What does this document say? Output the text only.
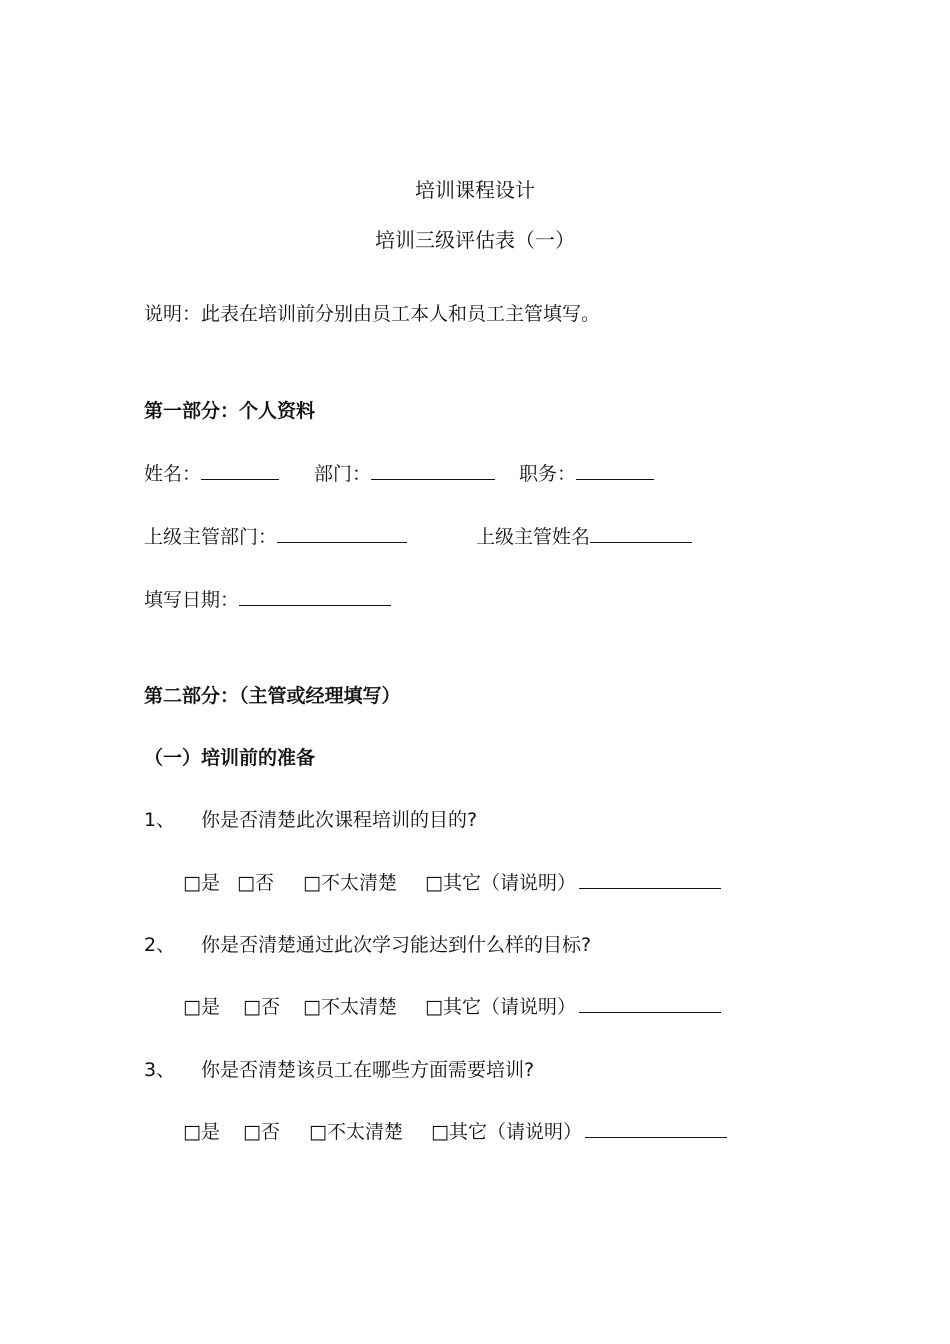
培训课程设计
培训三级评估表（一）
说明：此表在培训前分别由员工本人和员工主管填写。
第一部分：个人资料
姓名：	部门：	职务：
上级主管部门：	上级主管姓名
填写日期：
第二部分：（主管或经理填写）
（一）培训前的准备
1、 你是否清楚此次课程培训的目的?
□是 □否 □不太清楚 □其它（请说明）
2、 你是否清楚通过此次学习能达到什么样的目标?
□是 □否 □不太清楚 □其它（请说明）
3、 你是否清楚该员工在哪些方面需要培训?
□是 □否 □不太清楚 □其它（请说明）
